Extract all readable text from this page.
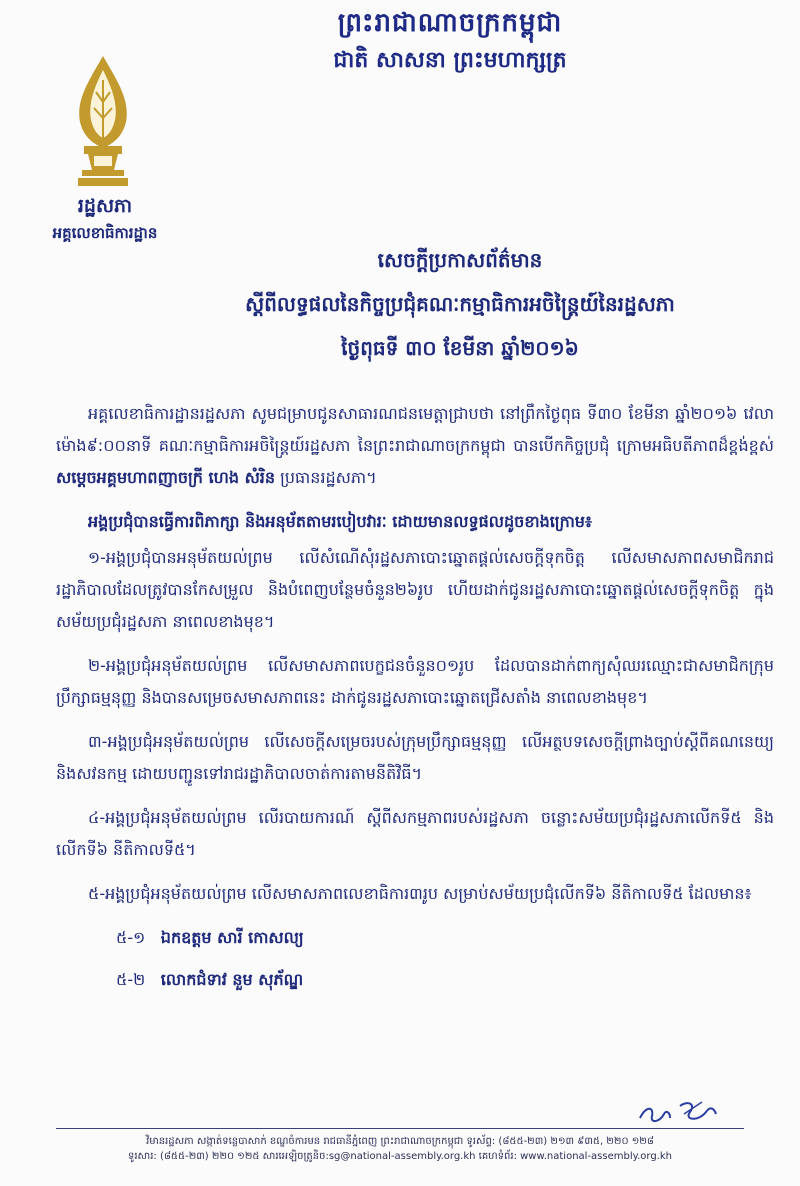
ព្រះរាជាណាចក្រកម្ពុជា
ជាតិ សាសនា ព្រះមហាក្សត្រ
រដ្ឋសភា
អគ្គលេខាធិការដ្ឋាន
សេចក្តីប្រកាសព័ត៌មាន
ស្តីពីលទ្ធផលនៃកិច្ចប្រជុំគណៈកម្មាធិការអចិន្ត្រៃយ៍នៃរដ្ឋសភា
ថ្ងៃពុធទី ៣០ ខែមីនា ឆ្នាំ២០១៦

អគ្គលេខាធិការដ្ឋានរដ្ឋសភា សូមជម្រាបជូនសាធារណជនមេត្តាជ្រាបថា នៅព្រឹកថ្ងៃពុធ ទី៣០ ខែមីនា ឆ្នាំ២០១៦ វេលាម៉ោង៩:០០នាទី គណៈកម្មាធិការអចិន្ត្រៃយ៍រដ្ឋសភា នៃព្រះរាជាណាចក្រកម្ពុជា បានបើកកិច្ចប្រជុំ ក្រោមអធិបតីភាពដ៏ខ្ពង់ខ្ពស់ សម្តេចអគ្គមហាពញាចក្រី ហេង សំរិន ប្រធានរដ្ឋសភា។

អង្គប្រជុំបានធ្វើការពិភាក្សា និងអនុម័តតាមរបៀបវារៈ ដោយមានលទ្ធផលដូចខាងក្រោម៖

១-អង្គប្រជុំបានអនុម័តយល់ព្រម លើសំណើសុំរដ្ឋសភាបោះឆ្នោតផ្តល់សេចក្តីទុកចិត្ត លើសមាសភាពសមាជិករាជរដ្ឋាភិបាលដែលត្រូវបានកែសម្រួល និងបំពេញបន្ថែមចំនួន២៦រូប ហើយដាក់ជូនរដ្ឋសភាបោះឆ្នោតផ្តល់សេចក្តីទុកចិត្ត ក្នុងសម័យប្រជុំរដ្ឋសភា នាពេលខាងមុខ។

២-អង្គប្រជុំអនុម័តយល់ព្រម លើសមាសភាពបេក្ខជនចំនួន០១រូប ដែលបានដាក់ពាក្យសុំឈរឈ្មោះជាសមាជិកក្រុមប្រឹក្សាធម្មនុញ្ញ និងបានសម្រេចសមាសភាពនេះ ដាក់ជូនរដ្ឋសភាបោះឆ្នោតជ្រើសតាំង នាពេលខាងមុខ។

៣-អង្គប្រជុំអនុម័តយល់ព្រម លើសេចក្តីសម្រេចរបស់ក្រុមប្រឹក្សាធម្មនុញ្ញ លើអត្ថបទសេចក្តីព្រាងច្បាប់ស្តីពីគណនេយ្យ និងសវនកម្ម ដោយបញ្ជូនទៅរាជរដ្ឋាភិបាលចាត់ការតាមនីតិវិធី។

៤-អង្គប្រជុំអនុម័តយល់ព្រម លើរបាយការណ៍ ស្តីពីសកម្មភាពរបស់រដ្ឋសភា ចន្លោះសម័យប្រជុំរដ្ឋសភាលើកទី៥ និងលើកទី៦ នីតិកាលទី៥។

៥-អង្គប្រជុំអនុម័តយល់ព្រម លើសមាសភាពលេខាធិការ៣រូប សម្រាប់សម័យប្រជុំលើកទី៦ នីតិកាលទី៥ ដែលមាន៖

៥-១ ឯកឧត្តម សារី កោសល្យ
៥-២ លោកជំទាវ នួម សុភ័ណ្ឌ
វិមានរដ្ឋសភា សង្កាត់ទន្លេបាសាក់ ខណ្ឌចំការមន រាជធានីភ្នំពេញ ព្រះរាជាណាចក្រកម្ពុជា ទូរស័ព្ទ: (៨៥៥-២៣) ២១៣ ៩៣៥, ២២០ ១២៨
ទូរសារ: (៨៥៥-២៣) ២២០ ១២៥ សារអេឡិចត្រូនិច:sg@national-assembly.org.kh គេហទំព័រ: www.national-assembly.org.kh
